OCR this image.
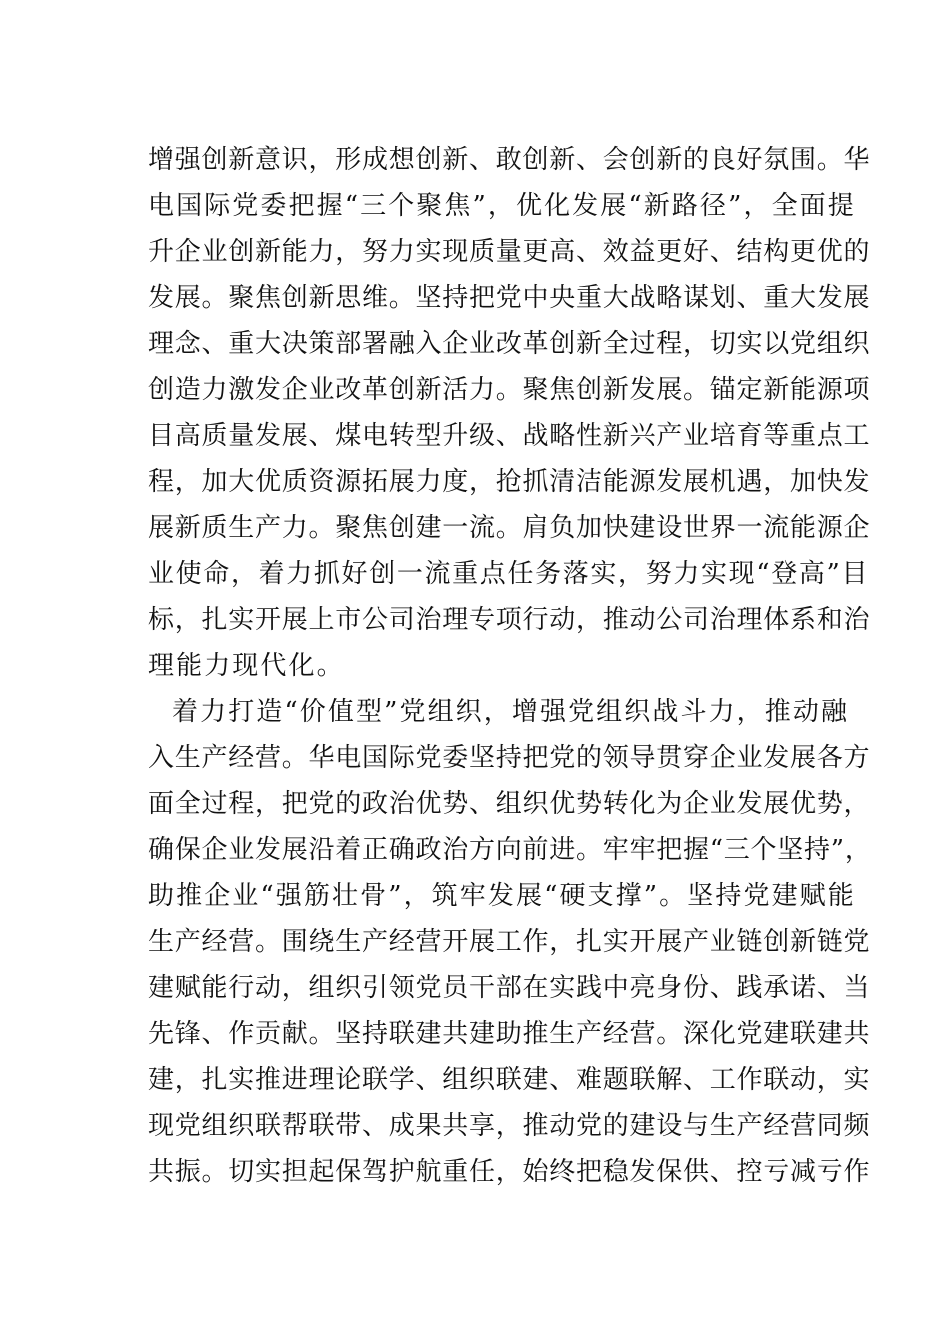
增强创新意识，形成想创新、敢创新、会创新的良好氛围。华
电国际党委把握“三个聚焦”，优化发展“新路径”，全面提
升企业创新能力，努力实现质量更高、效益更好、结构更优的
发展。聚焦创新思维。坚持把党中央重大战略谋划、重大发展
理念、重大决策部署融入企业改革创新全过程，切实以党组织
创造力激发企业改革创新活力。聚焦创新发展。锚定新能源项
目高质量发展、煤电转型升级、战略性新兴产业培育等重点工
程，加大优质资源拓展力度，抢抓清洁能源发展机遇，加快发
展新质生产力。聚焦创建一流。肩负加快建设世界一流能源企
业使命，着力抓好创一流重点任务落实，努力实现“登高”目
标，扎实开展上市公司治理专项行动，推动公司治理体系和治
理能力现代化。
着力打造“价值型”党组织，增强党组织战斗力，推动融
入生产经营。华电国际党委坚持把党的领导贯穿企业发展各方
面全过程，把党的政治优势、组织优势转化为企业发展优势，
确保企业发展沿着正确政治方向前进。牢牢把握“三个坚持”，
助推企业“强筋壮骨”，筑牢发展“硬支撑”。坚持党建赋能
生产经营。围绕生产经营开展工作，扎实开展产业链创新链党
建赋能行动，组织引领党员干部在实践中亮身份、践承诺、当
先锋、作贡献。坚持联建共建助推生产经营。深化党建联建共
建，扎实推进理论联学、组织联建、难题联解、工作联动，实
现党组织联帮联带、成果共享，推动党的建设与生产经营同频
共振。切实担起保驾护航重任，始终把稳发保供、控亏减亏作
